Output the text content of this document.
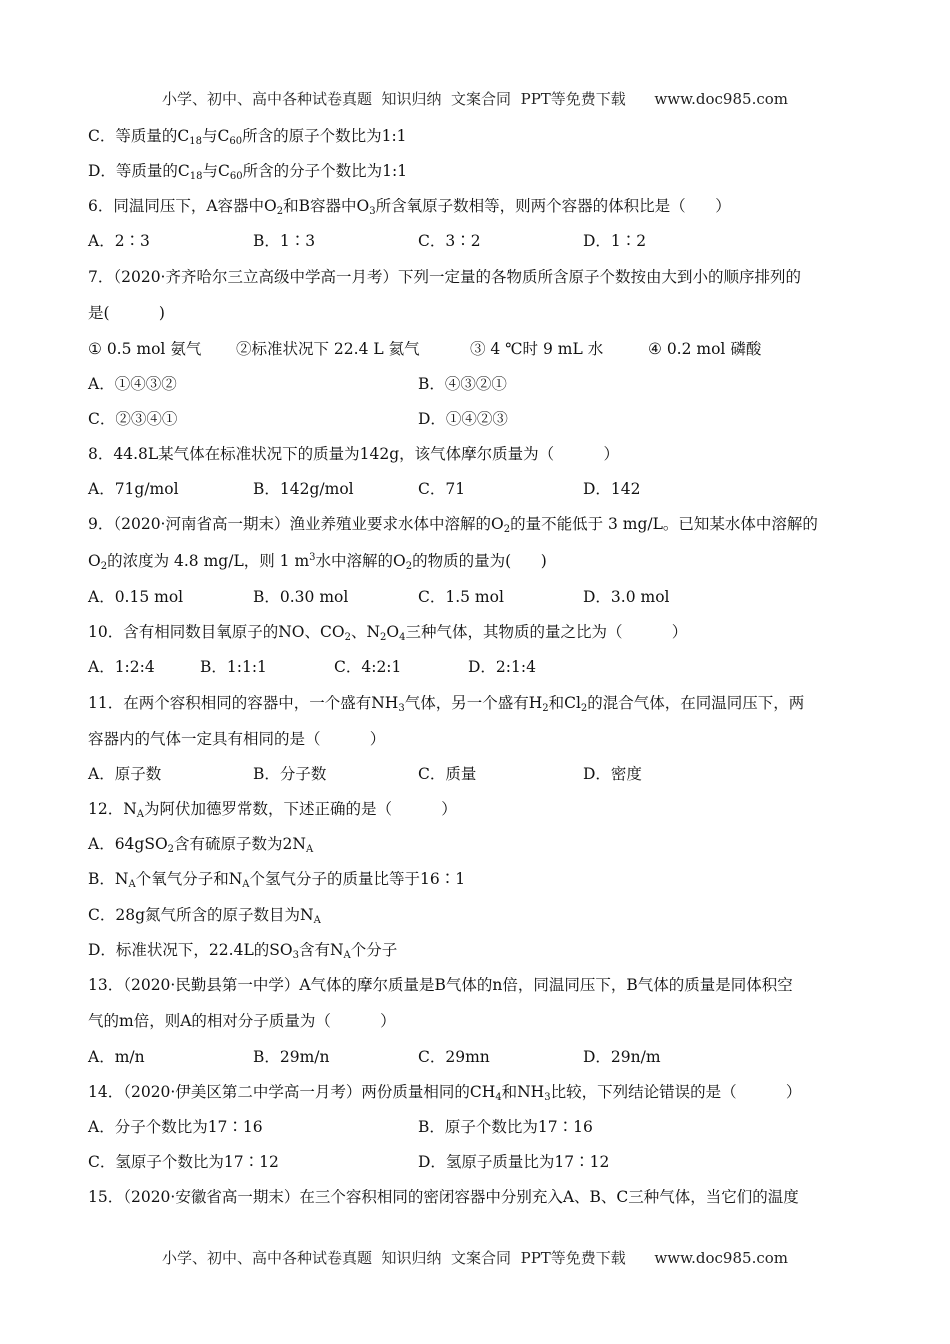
小学、初中、高中各种试卷真题  知识归纳  文案合同  PPT等免费下载      www.doc985.com
C．等质量的$C_{18}$与$C_{60}$所含的原子个数比为1:1
D．等质量的$C_{18}$与$C_{60}$所含的分子个数比为1:1
6．同温同压下，A容器中$O_2$和B容器中$O_3$所含氧原子数相等，则两个容器的体积比是（      ）
A．2∶3	B．1∶3	C．3∶2	D．1∶2
7．（2020·齐齐哈尔三立高级中学高一月考）下列一定量的各物质所含原子个数按由大到小的顺序排列的
是(          )
① 0.5 mol 氨气 ②标准状况下 22.4 L 氦气	③ 4 ℃时 9 mL 水	④ 0.2 mol 磷酸
A．①④③②	B．④③②①
C．②③④①	D．①④②③
8．44.8L某气体在标准状况下的质量为142g，该气体摩尔质量为（          ）
A．71g/mol	B．142g/mol	C．71	D．142
9．（2020·河南省高一期末）渔业养殖业要求水体中溶解的$O_2$的量不能低于 3 mg/L。已知某水体中溶解的
$O_2$的浓度为 4.8 mg/L，则 1 $m^3$水中溶解的$O_2$的物质的量为(      )
A．0.15 mol	B．0.30 mol	C．1.5 mol	D．3.0 mol
10．含有相同数目氧原子的NO、$CO_2$、$N_2O_4$三种气体，其物质的量之比为（          ）
A．1:2:4	B．1:1:1	C．4:2:1	D．2:1:4
11．在两个容积相同的容器中，一个盛有$NH_3$气体，另一个盛有$H_2$和$Cl_2$的混合气体，在同温同压下，两
容器内的气体一定具有相同的是（          ）
A．原子数	B．分子数	C．质量	D．密度
12．$N_A$为阿伏加德罗常数，下述正确的是（          ）
A．64gSO$_2$含有硫原子数为$2N_A$
B．$N_A$个氧气分子和$N_A$个氢气分子的质量比等于16∶1
C．28g氮气所含的原子数目为$N_A$
D．标准状况下，22.4L的$SO_3$含有$N_A$个分子
13．（2020·民勤县第一中学）A气体的摩尔质量是B气体的n倍，同温同压下，B气体的质量是同体积空
气的m倍，则A的相对分子质量为（          ）
A．m/n	B．29m/n	C．29mn	D．29n/m
14．（2020·伊美区第二中学高一月考）两份质量相同的$CH_4$和$NH_3$比较，下列结论错误的是（          ）
A．分子个数比为17∶16	B．原子个数比为17∶16
C．氢原子个数比为17∶12	D．氢原子质量比为17∶12
15．（2020·安徽省高一期末）在三个容积相同的密闭容器中分别充入A、B、C三种气体，当它们的温度
小学、初中、高中各种试卷真题  知识归纳  文案合同  PPT等免费下载      www.doc985.com
